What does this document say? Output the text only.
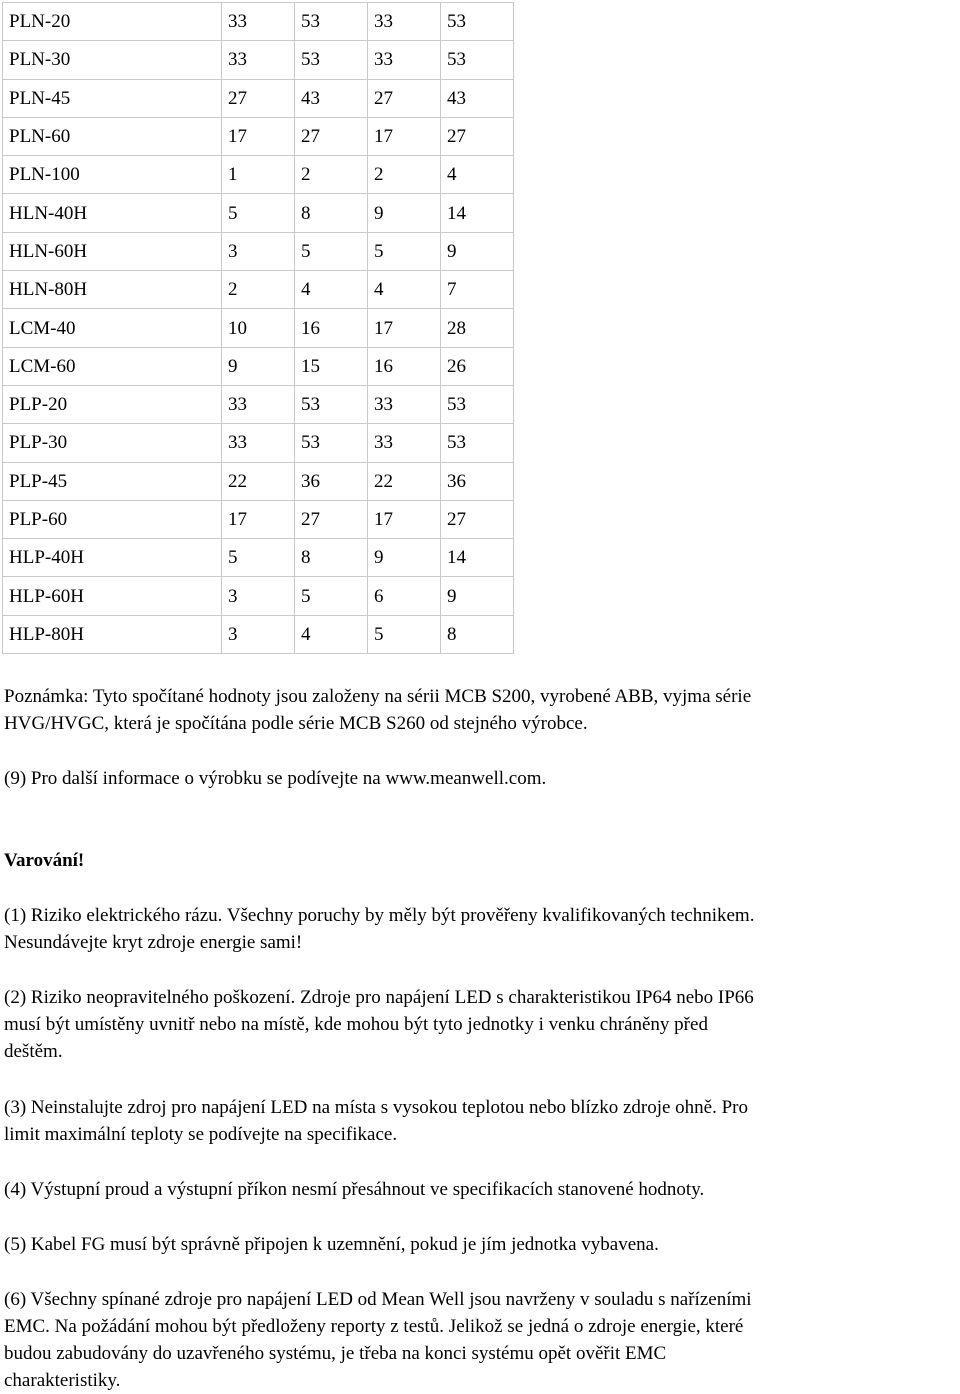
PLN-20	33	53	33	53
PLN-30	33	53	33	53
PLN-45	27	43	27	43
PLN-60	17	27	17	27
PLN-100	1	2	2	4
HLN-40H	5	8	9	14
HLN-60H	3	5	5	9
HLN-80H	2	4	4	7
LCM-40	10	16	17	28
LCM-60	9	15	16	26
PLP-20	33	53	33	53
PLP-30	33	53	33	53
PLP-45	22	36	22	36
PLP-60	17	27	17	27
HLP-40H	5	8	9	14
HLP-60H	3	5	6	9
HLP-80H	3	4	5	8
Poznámka: Tyto spočítané hodnoty jsou založeny na sérii MCB S200, vyrobené ABB, vyjma série
HVG/HVGC, která je spočítána podle série MCB S260 od stejného výrobce.
(9) Pro další informace o výrobku se podívejte na www.meanwell.com.
Varování!
(1) Riziko elektrického rázu. Všechny poruchy by měly být prověřeny kvalifikovaných technikem.
Nesundávejte kryt zdroje energie sami!
(2) Riziko neopravitelného poškození. Zdroje pro napájení LED s charakteristikou IP64 nebo IP66
musí být umístěny uvnitř nebo na místě, kde mohou být tyto jednotky i venku chráněny před
deštěm.
(3) Neinstalujte zdroj pro napájení LED na místa s vysokou teplotou nebo blízko zdroje ohně. Pro
limit maximální teploty se podívejte na specifikace.
(4) Výstupní proud a výstupní příkon nesmí přesáhnout ve specifikacích stanovené hodnoty.
(5) Kabel FG musí být správně připojen k uzemnění, pokud je jím jednotka vybavena.
(6) Všechny spínané zdroje pro napájení LED od Mean Well jsou navrženy v souladu s nařízeními
EMC. Na požádání mohou být předloženy reporty z testů. Jelikož se jedná o zdroje energie, které
budou zabudovány do uzavřeného systému, je třeba na konci systému opět ověřit EMC
charakteristiky.
